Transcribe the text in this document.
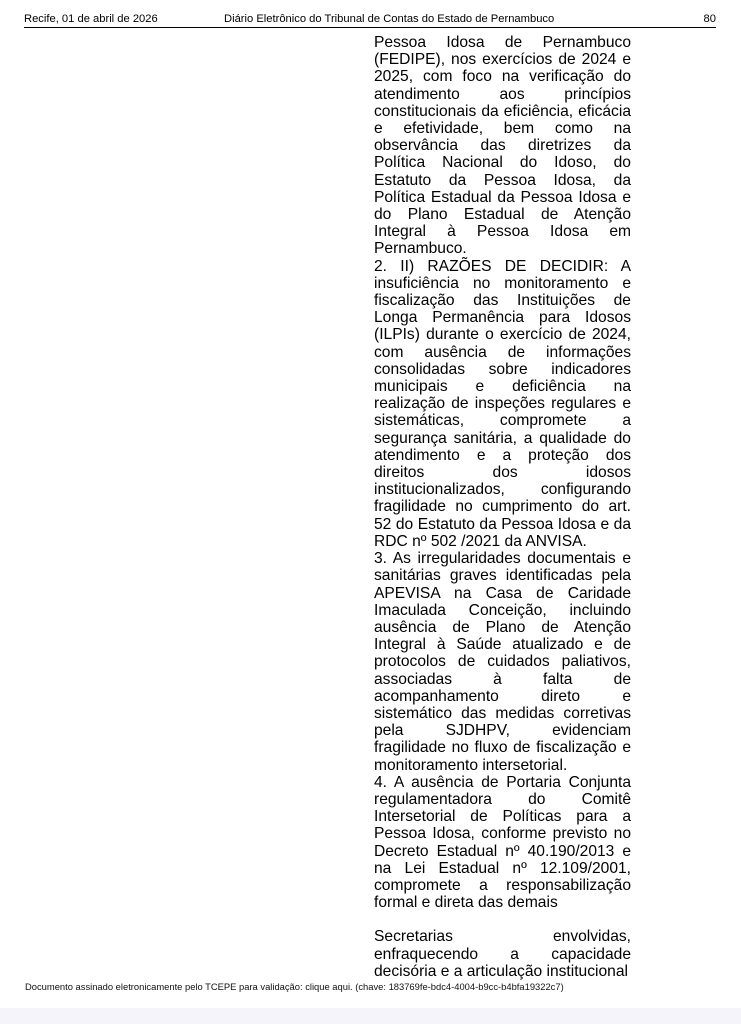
Recife, 01 de abril de 2026	Diário Eletrônico do Tribunal de Contas do Estado de Pernambuco	80

Pessoa Idosa de Pernambuco (FEDIPE), nos exercícios de 2024 e 2025, com foco na verificação do atendimento aos princípios constitucionais da eficiência, eficácia e efetividade, bem como na observância das diretrizes da Política Nacional do Idoso, do Estatuto da Pessoa Idosa, da Política Estadual da Pessoa Idosa e do Plano Estadual de Atenção Integral à Pessoa Idosa em Pernambuco.

2. II) RAZÕES DE DECIDIR: A insuficiência no monitoramento e fiscalização das Instituições de Longa Permanência para Idosos (ILPIs) durante o exercício de 2024, com ausência de informações consolidadas sobre indicadores municipais e deficiência na realização de inspeções regulares e sistemáticas, compromete a segurança sanitária, a qualidade do atendimento e a proteção dos direitos dos idosos institucionalizados, configurando fragilidade no cumprimento do art. 52 do Estatuto da Pessoa Idosa e da RDC nº 502 /2021 da ANVISA.

3. As irregularidades documentais e sanitárias graves identificadas pela APEVISA na Casa de Caridade Imaculada Conceição, incluindo ausência de Plano de Atenção Integral à Saúde atualizado e de protocolos de cuidados paliativos, associadas à falta de acompanhamento direto e sistemático das medidas corretivas pela SJDHPV, evidenciam fragilidade no fluxo de fiscalização e monitoramento intersetorial.

4. A ausência de Portaria Conjunta regulamentadora do Comitê Intersetorial de Políticas para a Pessoa Idosa, conforme previsto no Decreto Estadual nº 40.190/2013 e na Lei Estadual nº 12.109/2001, compromete a responsabilização formal e direta das demais

Secretarias envolvidas, enfraquecendo a capacidade decisória e a articulação institucional

Documento assinado eletronicamente pelo TCEPE para validação: clique aqui. (chave: 183769fe-bdc4-4004-b9cc-b4bfa19322c7)
